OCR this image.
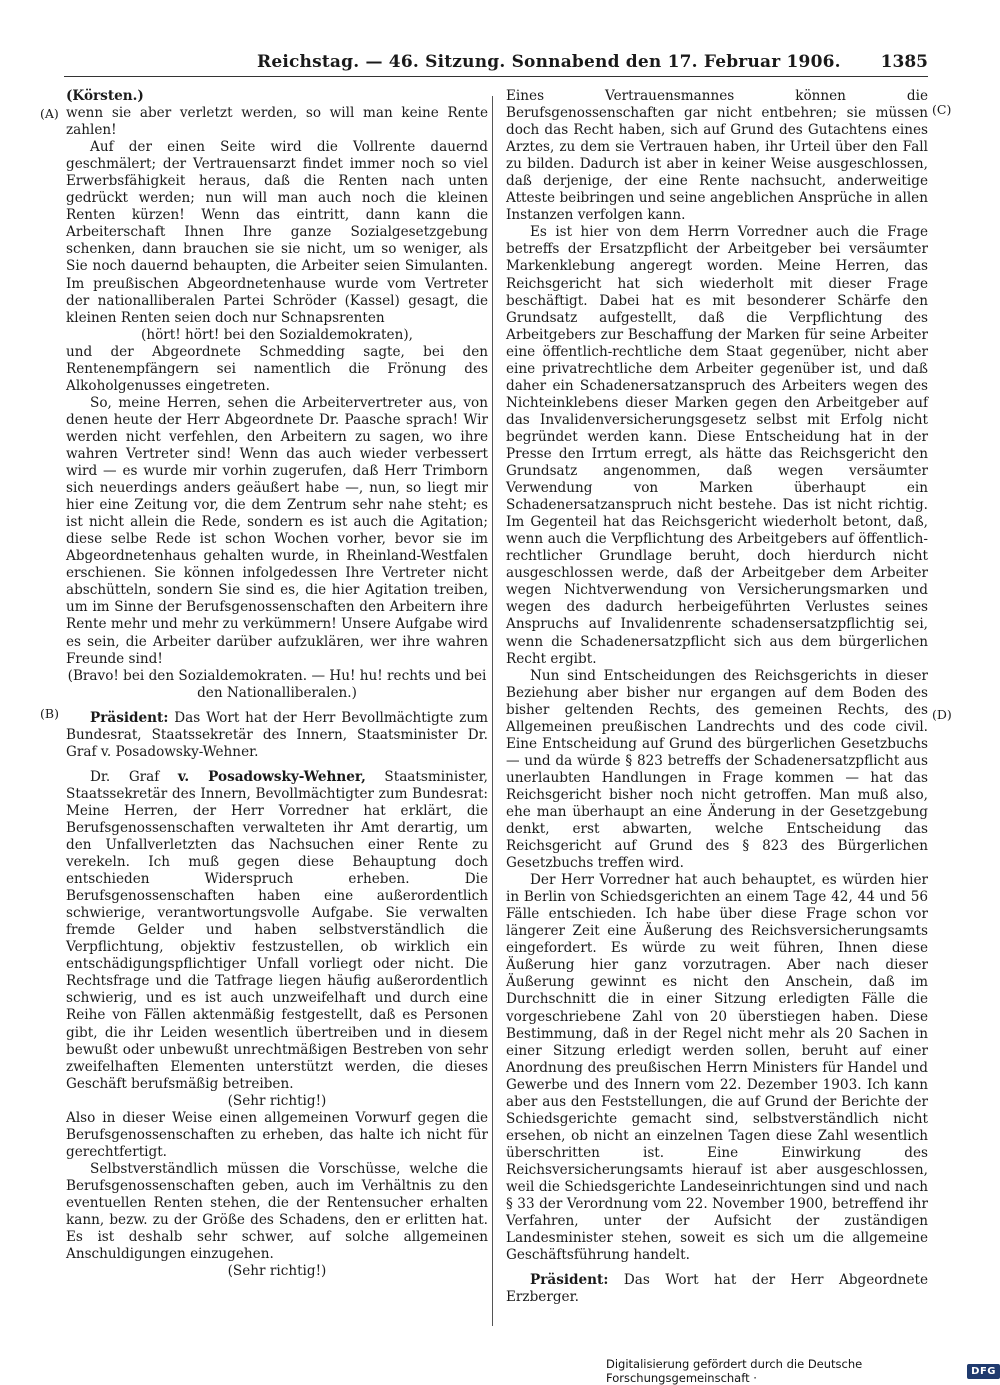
Reichstag. — 46. Sitzung. Sonnabend den 17. Februar 1906. 1385
(A)
(B)
(C)
(D)

(Körsten.)

wenn sie aber verletzt werden, so will man keine Rente zahlen!

Auf der einen Seite wird die Vollrente dauernd geschmälert; der Vertrauensarzt findet immer noch so viel Erwerbsfähigkeit heraus, daß die Renten nach unten gedrückt werden; nun will man auch noch die kleinen Renten kürzen! Wenn das eintritt, dann kann die Arbeiterschaft Ihnen Ihre ganze Sozialgesetzgebung schenken, dann brauchen sie sie nicht, um so weniger, als Sie noch dauernd behaupten, die Arbeiter seien Simulanten. Im preußischen Abgeordnetenhause wurde vom Vertreter der nationalliberalen Partei Schröder (Kassel) gesagt, die kleinen Renten seien doch nur Schnapsrenten

(hört! hört! bei den Sozialdemokraten),

und der Abgeordnete Schmedding sagte, bei den Rentenempfängern sei namentlich die Frönung des Alkoholgenusses eingetreten.

So, meine Herren, sehen die Arbeitervertreter aus, von denen heute der Herr Abgeordnete Dr. Paasche sprach! Wir werden nicht verfehlen, den Arbeitern zu sagen, wo ihre wahren Vertreter sind! Wenn das auch wieder verbessert wird — es wurde mir vorhin zugerufen, daß Herr Trimborn sich neuerdings anders geäußert habe —, nun, so liegt mir hier eine Zeitung vor, die dem Zentrum sehr nahe steht; es ist nicht allein die Rede, sondern es ist auch die Agitation; diese selbe Rede ist schon Wochen vorher, bevor sie im Abgeordnetenhaus gehalten wurde, in Rheinland-Westfalen erschienen. Sie können infolgedessen Ihre Vertreter nicht abschütteln, sondern Sie sind es, die hier Agitation treiben, um im Sinne der Berufsgenossenschaften den Arbeitern ihre Rente mehr und mehr zu verkümmern! Unsere Aufgabe wird es sein, die Arbeiter darüber aufzuklären, wer ihre wahren Freunde sind!

(Bravo! bei den Sozialdemokraten. — Hu! hu! rechts und bei den Nationalliberalen.)

Präsident: Das Wort hat der Herr Bevollmächtigte zum Bundesrat, Staatssekretär des Innern, Staatsminister Dr. Graf v. Posadowsky-Wehner.

Dr. Graf v. Posadowsky-Wehner, Staatsminister, Staatssekretär des Innern, Bevollmächtigter zum Bundesrat: Meine Herren, der Herr Vorredner hat erklärt, die Berufsgenossenschaften verwalteten ihr Amt derartig, um den Unfallverletzten das Nachsuchen einer Rente zu verekeln. Ich muß gegen diese Behauptung doch entschieden Widerspruch erheben. Die Berufsgenossenschaften haben eine außerordentlich schwierige, verantwortungsvolle Aufgabe. Sie verwalten fremde Gelder und haben selbstverständlich die Verpflichtung, objektiv festzustellen, ob wirklich ein entschädigungspflichtiger Unfall vorliegt oder nicht. Die Rechtsfrage und die Tatfrage liegen häufig außerordentlich schwierig, und es ist auch unzweifelhaft und durch eine Reihe von Fällen aktenmäßig festgestellt, daß es Personen gibt, die ihr Leiden wesentlich übertreiben und in diesem bewußt oder unbewußt unrechtmäßigen Bestreben von sehr zweifelhaften Elementen unterstützt werden, die dieses Geschäft berufsmäßig betreiben.

(Sehr richtig!)

Also in dieser Weise einen allgemeinen Vorwurf gegen die Berufsgenossenschaften zu erheben, das halte ich nicht für gerechtfertigt.

Selbstverständlich müssen die Vorschüsse, welche die Berufsgenossenschaften geben, auch im Verhältnis zu den eventuellen Renten stehen, die der Rentensucher erhalten kann, bezw. zu der Größe des Schadens, den er erlitten hat. Es ist deshalb sehr schwer, auf solche allgemeinen Anschuldigungen einzugehen.

(Sehr richtig!)

Eines Vertrauensmannes können die Berufsgenossenschaften gar nicht entbehren; sie müssen doch das Recht haben, sich auf Grund des Gutachtens eines Arztes, zu dem sie Vertrauen haben, ihr Urteil über den Fall zu bilden. Dadurch ist aber in keiner Weise ausgeschlossen, daß derjenige, der eine Rente nachsucht, anderweitige Atteste beibringen und seine angeblichen Ansprüche in allen Instanzen verfolgen kann.

Es ist hier von dem Herrn Vorredner auch die Frage betreffs der Ersatzpflicht der Arbeitgeber bei versäumter Markenklebung angeregt worden. Meine Herren, das Reichsgericht hat sich wiederholt mit dieser Frage beschäftigt. Dabei hat es mit besonderer Schärfe den Grundsatz aufgestellt, daß die Verpflichtung des Arbeitgebers zur Beschaffung der Marken für seine Arbeiter eine öffentlich-rechtliche dem Staat gegenüber, nicht aber eine privatrechtliche dem Arbeiter gegenüber ist, und daß daher ein Schadenersatzanspruch des Arbeiters wegen des Nichteinklebens dieser Marken gegen den Arbeitgeber auf das Invalidenversicherungsgesetz selbst mit Erfolg nicht begründet werden kann. Diese Entscheidung hat in der Presse den Irrtum erregt, als hätte das Reichsgericht den Grundsatz angenommen, daß wegen versäumter Verwendung von Marken überhaupt ein Schadenersatzanspruch nicht bestehe. Das ist nicht richtig. Im Gegenteil hat das Reichsgericht wiederholt betont, daß, wenn auch die Verpflichtung des Arbeitgebers auf öffentlich-rechtlicher Grundlage beruht, doch hierdurch nicht ausgeschlossen werde, daß der Arbeitgeber dem Arbeiter wegen Nichtverwendung von Versicherungsmarken und wegen des dadurch herbeigeführten Verlustes seines Anspruchs auf Invalidenrente schadensersatzpflichtig sei, wenn die Schadenersatzpflicht sich aus dem bürgerlichen Recht ergibt.

Nun sind Entscheidungen des Reichsgerichts in dieser Beziehung aber bisher nur ergangen auf dem Boden des bisher geltenden Rechts, des gemeinen Rechts, des Allgemeinen preußischen Landrechts und des code civil. Eine Entscheidung auf Grund des bürgerlichen Gesetzbuchs — und da würde § 823 betreffs der Schadenersatzpflicht aus unerlaubten Handlungen in Frage kommen — hat das Reichsgericht bisher noch nicht getroffen. Man muß also, ehe man überhaupt an eine Änderung in der Gesetzgebung denkt, erst abwarten, welche Entscheidung das Reichsgericht auf Grund des § 823 des Bürgerlichen Gesetzbuchs treffen wird.

Der Herr Vorredner hat auch behauptet, es würden hier in Berlin von Schiedsgerichten an einem Tage 42, 44 und 56 Fälle entschieden. Ich habe über diese Frage schon vor längerer Zeit eine Äußerung des Reichsversicherungsamts eingefordert. Es würde zu weit führen, Ihnen diese Äußerung hier ganz vorzutragen. Aber nach dieser Äußerung gewinnt es nicht den Anschein, daß im Durchschnitt die in einer Sitzung erledigten Fälle die vorgeschriebene Zahl von 20 überstiegen haben. Diese Bestimmung, daß in der Regel nicht mehr als 20 Sachen in einer Sitzung erledigt werden sollen, beruht auf einer Anordnung des preußischen Herrn Ministers für Handel und Gewerbe und des Innern vom 22. Dezember 1903. Ich kann aber aus den Feststellungen, die auf Grund der Berichte der Schiedsgerichte gemacht sind, selbstverständlich nicht ersehen, ob nicht an einzelnen Tagen diese Zahl wesentlich überschritten ist. Eine Einwirkung des Reichsversicherungsamts hierauf ist aber ausgeschlossen, weil die Schiedsgerichte Landeseinrichtungen sind und nach § 33 der Verordnung vom 22. November 1900, betreffend ihr Verfahren, unter der Aufsicht der zuständigen Landesminister stehen, soweit es sich um die allgemeine Geschäftsführung handelt.

Präsident: Das Wort hat der Herr Abgeordnete Erzberger.

Digitalisierung gefördert durch die Deutsche Forschungsgemeinschaft ·	DFG
